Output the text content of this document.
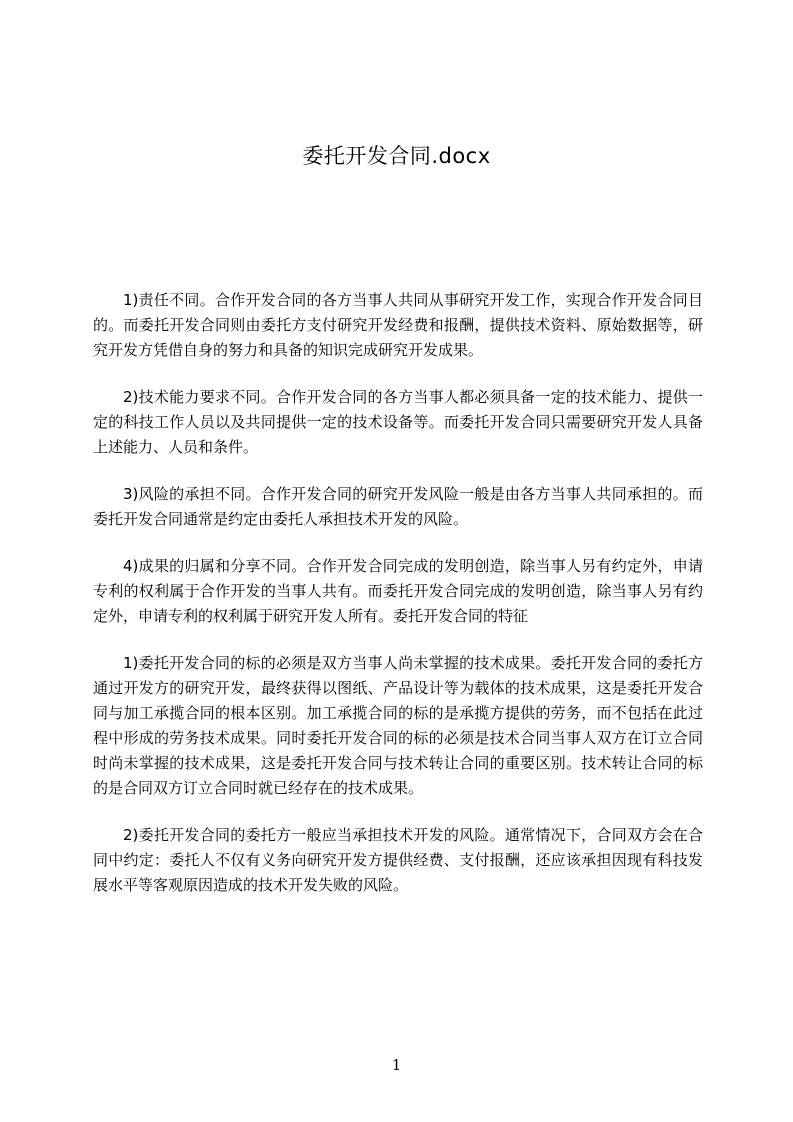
委托开发合同.docx

1)责任不同。合作开发合同的各方当事人共同从事研究开发工作，实现合作开发合同目的。而委托开发合同则由委托方支付研究开发经费和报酬，提供技术资料、原始数据等，研究开发方凭借自身的努力和具备的知识完成研究开发成果。

2)技术能力要求不同。合作开发合同的各方当事人都必须具备一定的技术能力、提供一定的科技工作人员以及共同提供一定的技术设备等。而委托开发合同只需要研究开发人具备上述能力、人员和条件。

3)风险的承担不同。合作开发合同的研究开发风险一般是由各方当事人共同承担的。而委托开发合同通常是约定由委托人承担技术开发的风险。

4)成果的归属和分享不同。合作开发合同完成的发明创造，除当事人另有约定外，申请专利的权利属于合作开发的当事人共有。而委托开发合同完成的发明创造，除当事人另有约定外，申请专利的权利属于研究开发人所有。委托开发合同的特征

1)委托开发合同的标的必须是双方当事人尚未掌握的技术成果。委托开发合同的委托方通过开发方的研究开发，最终获得以图纸、产品设计等为载体的技术成果，这是委托开发合同与加工承揽合同的根本区别。加工承揽合同的标的是承揽方提供的劳务，而不包括在此过程中形成的劳务技术成果。同时委托开发合同的标的必须是技术合同当事人双方在订立合同时尚未掌握的技术成果，这是委托开发合同与技术转让合同的重要区别。技术转让合同的标的是合同双方订立合同时就已经存在的技术成果。

2)委托开发合同的委托方一般应当承担技术开发的风险。通常情况下，合同双方会在合同中约定：委托人不仅有义务向研究开发方提供经费、支付报酬，还应该承担因现有科技发展水平等客观原因造成的技术开发失败的风险。

1
